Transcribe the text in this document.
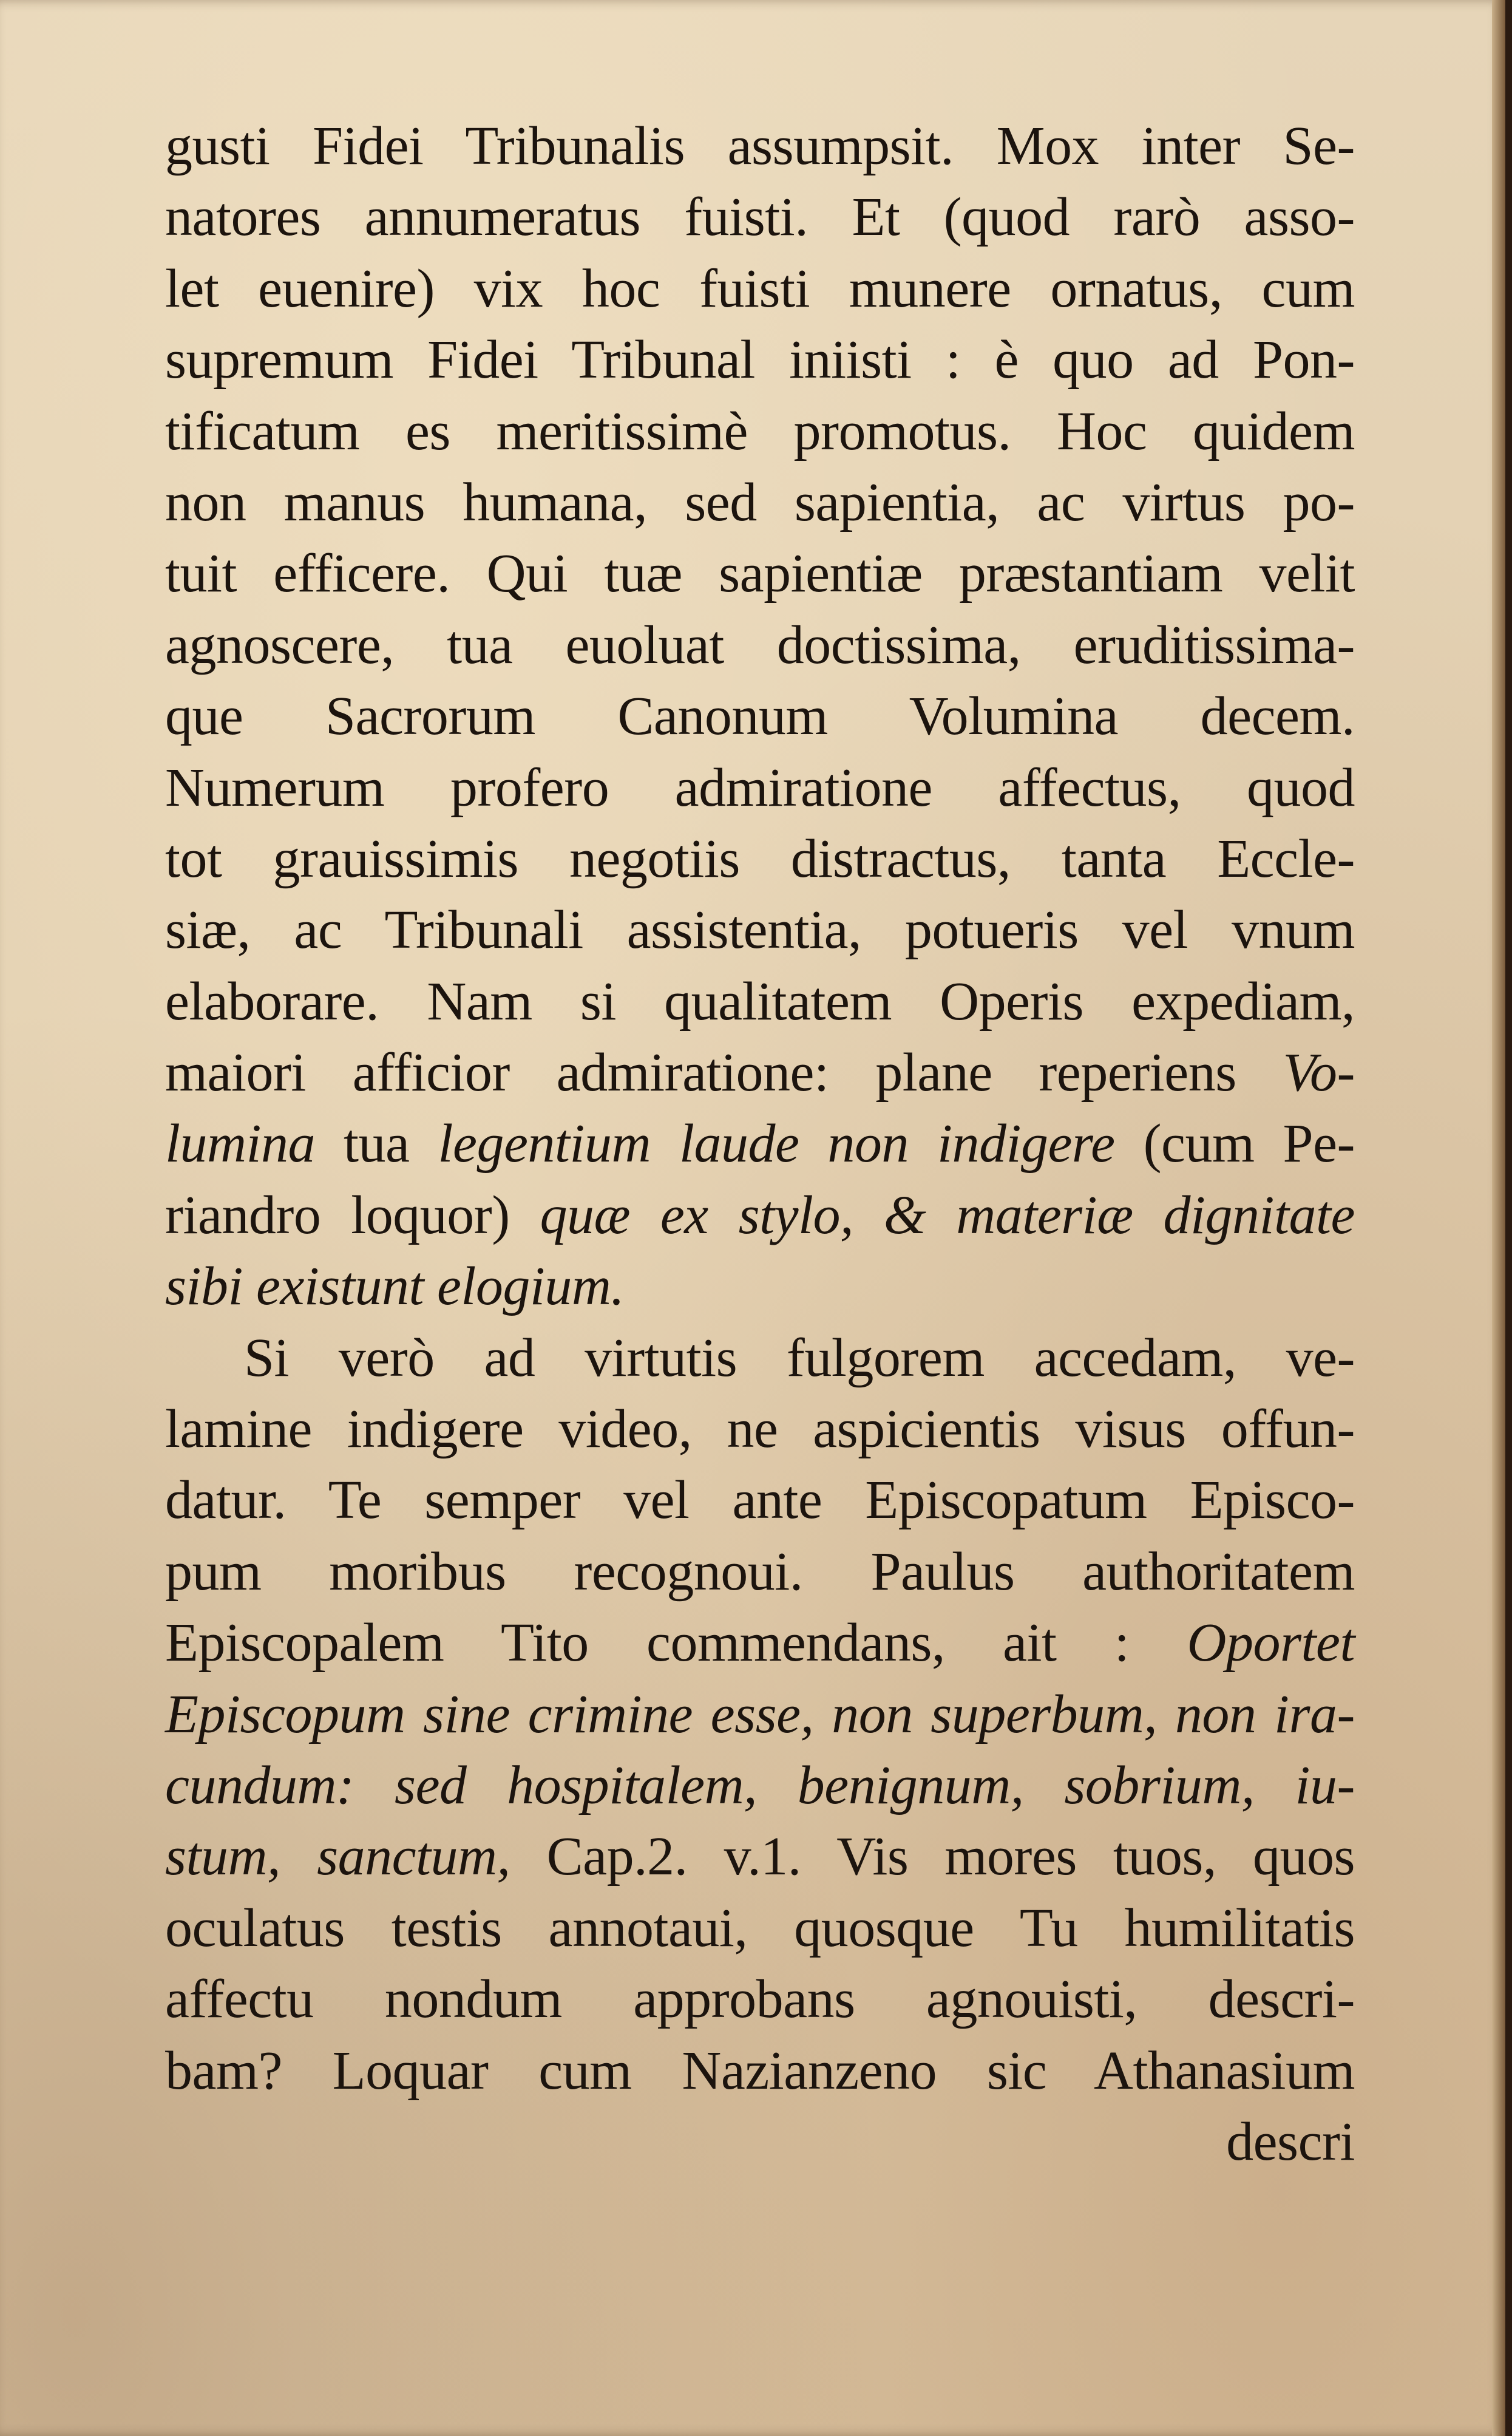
gusti Fidei Tribunalis assumpsit. Mox inter Se-
natores annumeratus fuisti. Et (quod rarò asso-
let euenire) vix hoc fuisti munere ornatus, cum
supremum Fidei Tribunal iniisti : è quo ad Pon-
tificatum es meritissimè promotus. Hoc quidem
non manus humana, sed sapientia, ac virtus po-
tuit efficere. Qui tuæ sapientiæ præstantiam velit
agnoscere, tua euoluat doctissima, eruditissima-
que Sacrorum Canonum Volumina decem.
Numerum profero admiratione affectus, quod
tot grauissimis negotiis distractus, tanta Eccle-
siæ, ac Tribunali assistentia, potueris vel vnum
elaborare. Nam si qualitatem Operis expediam,
maiori afficior admiratione: plane reperiens Vo-
lumina tua legentium laude non indigere (cum Pe-
riandro loquor) quæ ex stylo, & materiæ dignitate
sibi existunt elogium.
Si verò ad virtutis fulgorem accedam, ve-
lamine indigere video, ne aspicientis visus offun-
datur. Te semper vel ante Episcopatum Episco-
pum moribus recognoui. Paulus authoritatem
Episcopalem Tito commendans, ait : Oportet
Episcopum sine crimine esse, non superbum, non ira-
cundum: sed hospitalem, benignum, sobrium, iu-
stum, sanctum, Cap.2. v.1. Vis mores tuos, quos
oculatus testis annotaui, quosque Tu humilitatis
affectu nondum approbans agnouisti, descri-
bam? Loquar cum Nazianzeno sic Athanasium
descri
